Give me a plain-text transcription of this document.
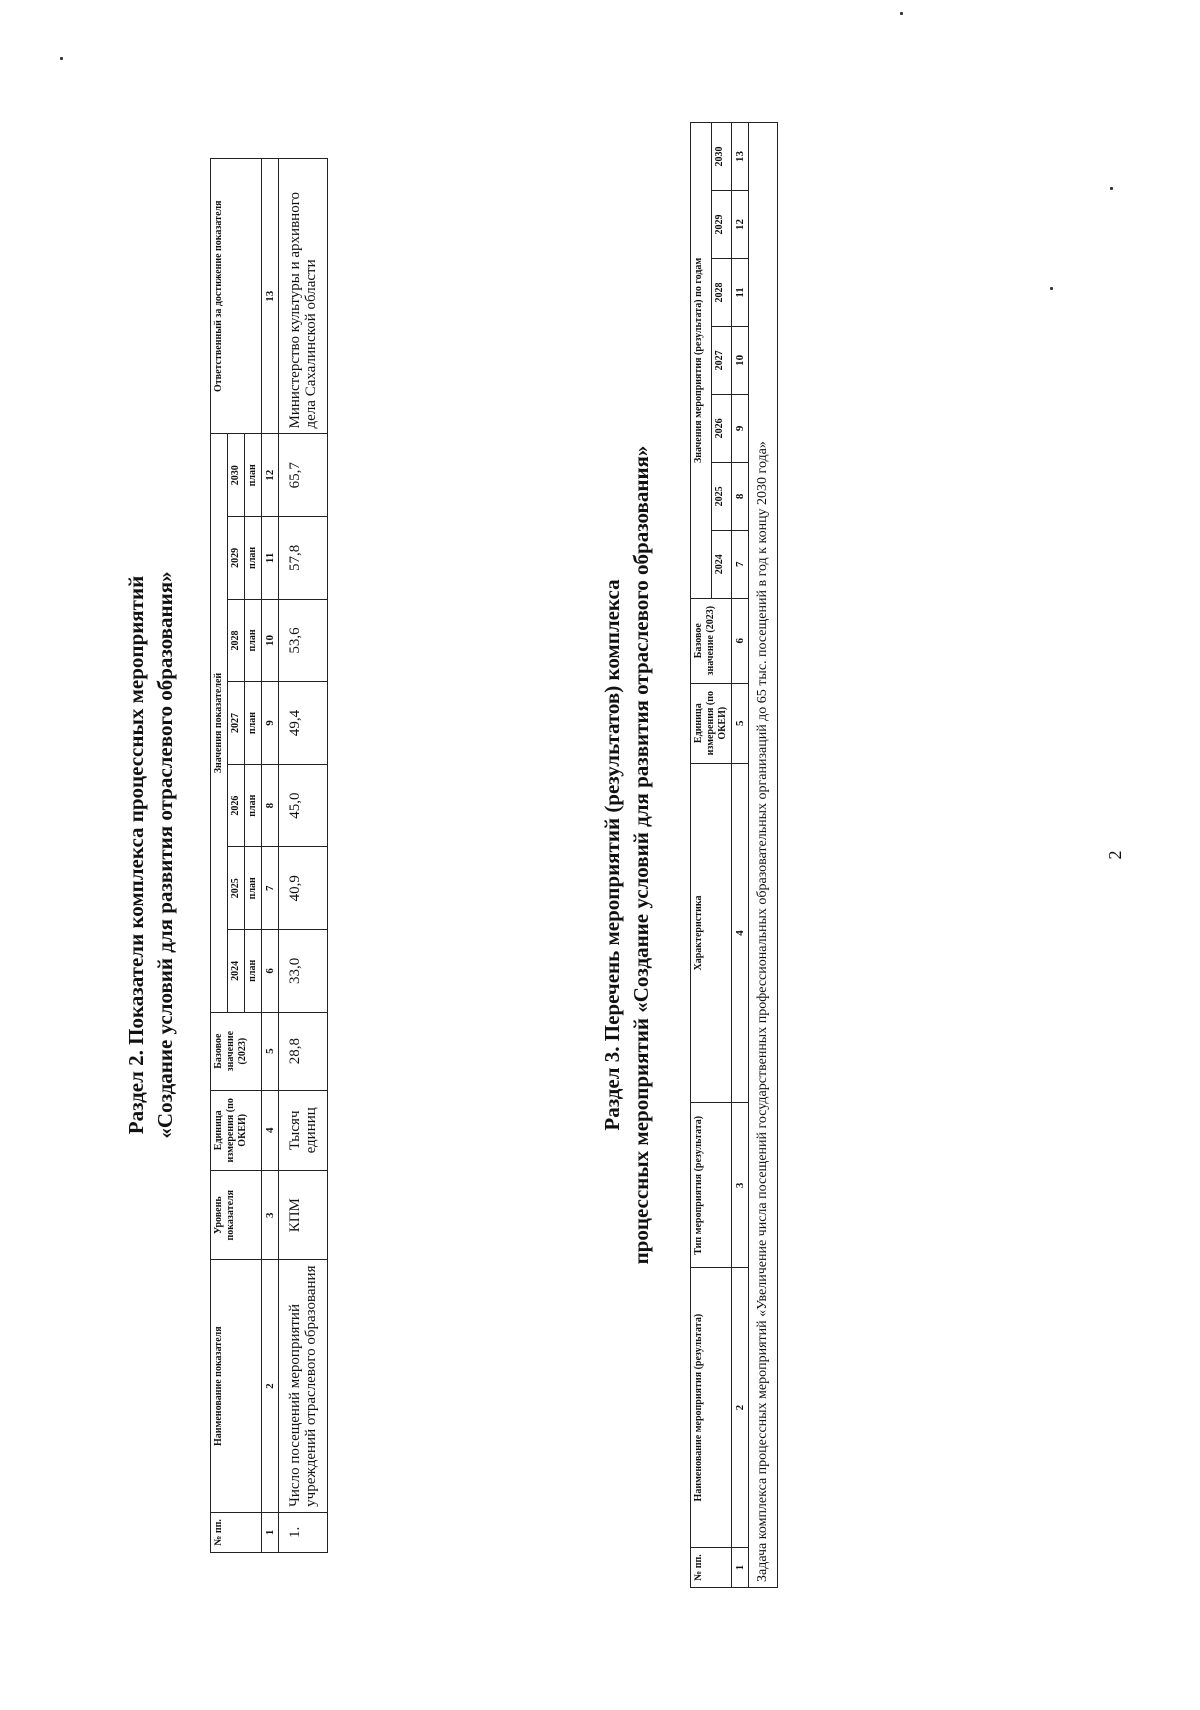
2
Раздел 2. Показатели комплекса процессных мероприятий «Создание условий для развития отраслевого образования»
№ пп.	Наименование показателя	Уровень показателя	Единица измерения (по ОКЕИ)	Базовое значение (2023)	Значения показателей							Ответственный за достижение показателя
					2024	2025	2026	2027	2028	2029	2030	
					план	план	план	план	план	план	план	
1	2	3	4	5	6	7	8	9	10	11	12	13
1.	Число посещений мероприятий учреждений отраслевого образования	КПМ	Тысяч единиц	28,8	33,0	40,9	45,0	49,4	53,6	57,8	65,7	Министерство культуры и архивного дела Сахалинской области
Раздел 3. Перечень мероприятий (результатов) комплекса процессных мероприятий «Создание условий для развития отраслевого образования»
№ пп.	Наименование мероприятия (результата)	Тип мероприятия (результата)	Характеристика	Единица измерения (по ОКЕИ)	Базовое значение (2023)	Значения мероприятия (результата) по годам						
						2024	2025	2026	2027	2028	2029	2030
1	2	3	4	5	6	7	8	9	10	11	12	13
Задача комплекса процессных мероприятий «Увеличение числа посещений государственных профессиональных образовательных организаций до 65 тыс. посещений в год к концу 2030 года»												
